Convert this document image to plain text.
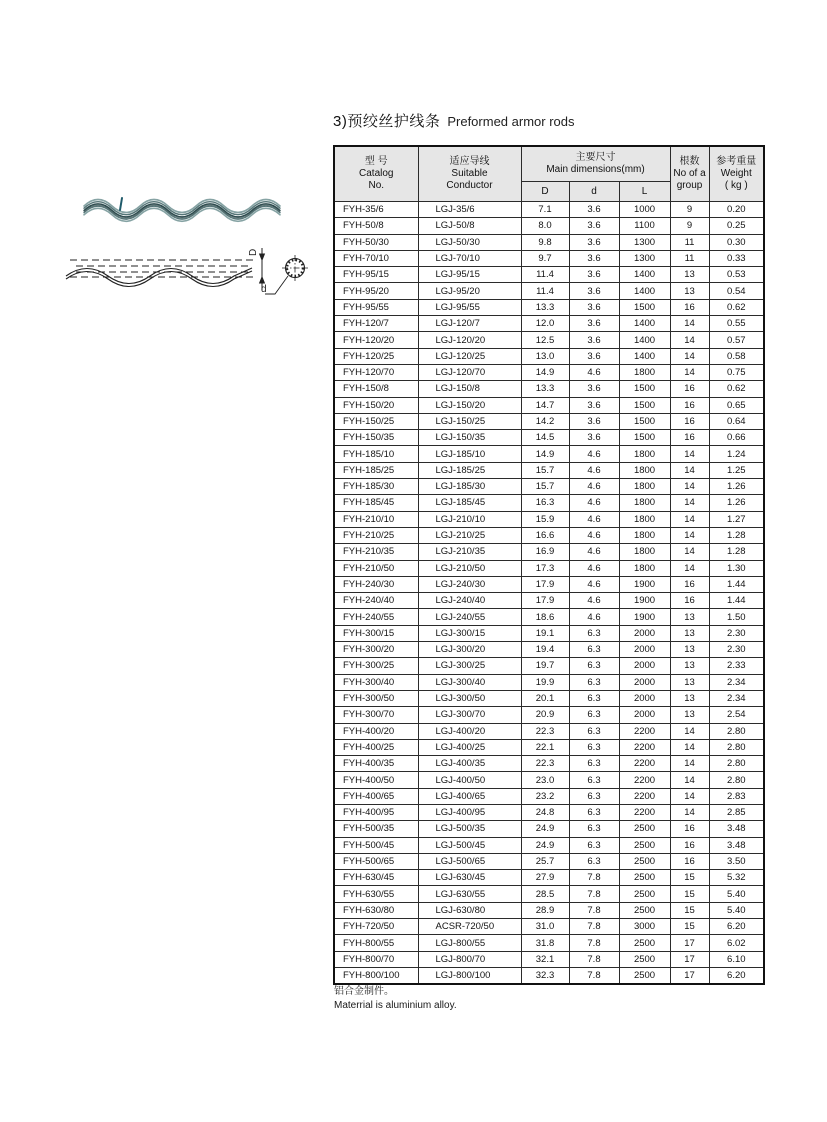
D
d
3)预绞丝护线条 Preformed armor rods
型 号
Catalog
No.	适应导线
Suitable
Conductor	主要尺寸
Main dimensions(mm)			根数
No of a
group	参考重量
Weight
( kg )

		D	d	L		
FYH-35/6	LGJ-35/6	7.1	3.6	1000	9	0.20
FYH-50/8	LGJ-50/8	8.0	3.6	1100	9	0.25
FYH-50/30	LGJ-50/30	9.8	3.6	1300	11	0.30
FYH-70/10	LGJ-70/10	9.7	3.6	1300	11	0.33
FYH-95/15	LGJ-95/15	11.4	3.6	1400	13	0.53
FYH-95/20	LGJ-95/20	11.4	3.6	1400	13	0.54
FYH-95/55	LGJ-95/55	13.3	3.6	1500	16	0.62
FYH-120/7	LGJ-120/7	12.0	3.6	1400	14	0.55
FYH-120/20	LGJ-120/20	12.5	3.6	1400	14	0.57
FYH-120/25	LGJ-120/25	13.0	3.6	1400	14	0.58
FYH-120/70	LGJ-120/70	14.9	4.6	1800	14	0.75
FYH-150/8	LGJ-150/8	13.3	3.6	1500	16	0.62
FYH-150/20	LGJ-150/20	14.7	3.6	1500	16	0.65
FYH-150/25	LGJ-150/25	14.2	3.6	1500	16	0.64
FYH-150/35	LGJ-150/35	14.5	3.6	1500	16	0.66
FYH-185/10	LGJ-185/10	14.9	4.6	1800	14	1.24
FYH-185/25	LGJ-185/25	15.7	4.6	1800	14	1.25
FYH-185/30	LGJ-185/30	15.7	4.6	1800	14	1.26
FYH-185/45	LGJ-185/45	16.3	4.6	1800	14	1.26
FYH-210/10	LGJ-210/10	15.9	4.6	1800	14	1.27
FYH-210/25	LGJ-210/25	16.6	4.6	1800	14	1.28
FYH-210/35	LGJ-210/35	16.9	4.6	1800	14	1.28
FYH-210/50	LGJ-210/50	17.3	4.6	1800	14	1.30
FYH-240/30	LGJ-240/30	17.9	4.6	1900	16	1.44
FYH-240/40	LGJ-240/40	17.9	4.6	1900	16	1.44
FYH-240/55	LGJ-240/55	18.6	4.6	1900	13	1.50
FYH-300/15	LGJ-300/15	19.1	6.3	2000	13	2.30
FYH-300/20	LGJ-300/20	19.4	6.3	2000	13	2.30
FYH-300/25	LGJ-300/25	19.7	6.3	2000	13	2.33
FYH-300/40	LGJ-300/40	19.9	6.3	2000	13	2.34
FYH-300/50	LGJ-300/50	20.1	6.3	2000	13	2.34
FYH-300/70	LGJ-300/70	20.9	6.3	2000	13	2.54
FYH-400/20	LGJ-400/20	22.3	6.3	2200	14	2.80
FYH-400/25	LGJ-400/25	22.1	6.3	2200	14	2.80
FYH-400/35	LGJ-400/35	22.3	6.3	2200	14	2.80
FYH-400/50	LGJ-400/50	23.0	6.3	2200	14	2.80
FYH-400/65	LGJ-400/65	23.2	6.3	2200	14	2.83
FYH-400/95	LGJ-400/95	24.8	6.3	2200	14	2.85
FYH-500/35	LGJ-500/35	24.9	6.3	2500	16	3.48
FYH-500/45	LGJ-500/45	24.9	6.3	2500	16	3.48
FYH-500/65	LGJ-500/65	25.7	6.3	2500	16	3.50
FYH-630/45	LGJ-630/45	27.9	7.8	2500	15	5.32
FYH-630/55	LGJ-630/55	28.5	7.8	2500	15	5.40
FYH-630/80	LGJ-630/80	28.9	7.8	2500	15	5.40
FYH-720/50	ACSR-720/50	31.0	7.8	3000	15	6.20
FYH-800/55	LGJ-800/55	31.8	7.8	2500	17	6.02
FYH-800/70	LGJ-800/70	32.1	7.8	2500	17	6.10
FYH-800/100	LGJ-800/100	32.3	7.8	2500	17	6.20
铝合金制件。
Materrial is aluminium alloy.
